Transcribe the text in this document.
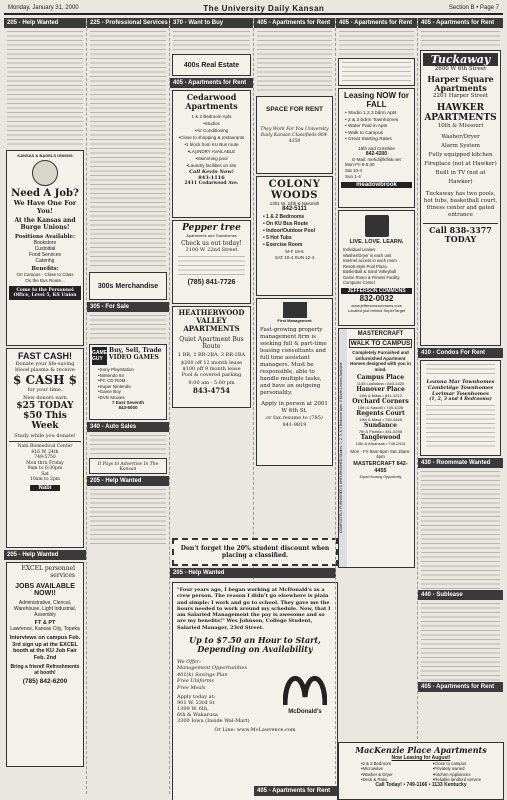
Monday, January 31, 2000	The University Daily Kansan	Section B • Page 7
205 - Help Wanted
KANSAS & BAGELS UNIONS
Need A Job?
We Have One For You!
At the Kansas and Burge Unions!
Positions Available:
Bookstore
Custodial
Food Services
Catering
Benefits:
On Campus - Close to Class
On the Bus Route...
Come to the Personnel Office, Level 5, KS Union
FAST CASH!
Donate your life-saving blood plasma & receive
$ CASH $
for your time.
New donors earn
$25 TODAY
$50 This Week
Study while you donate!
Nabi Biomedical Center
816 W. 24th
749-5750
Mon thru Friday
9am to 6:30pm
Sat
10am to 2pm
Nabi
205 - Help Wanted
EXCEL personnel services
JOBS AVAILABLE NOW!!
Administrative, Clerical, Warehouse, Light Industrial, Assembly
FT & PT
Lawrence, Kansas City, Topeka
Interviews on campus Feb. 3rd sign up at the EXCEL booth at the KU Job Fair Feb. 2nd
Bring a friend! Refreshments at booth!
(785) 842-6200
225 - Professional Services
300s Merchandise
305 - For Sale
GAME GUY
Buy, Sell, Trade VIDEO GAMES
•Sony PlayStation
•Nintendo 64
•PC CD ROM
•Super Nintendo
•Game Boy
•DVD Movies
7 East Seventh
843-6000
340 - Auto Sales
It Pays to Advertise In The Kansan
205 - Help Wanted
370 - Want to Buy
400s Real Estate
405 - Apartments for Rent
Cedarwood Apartments
1 & 2 Bedroom Apts
•Studios
•Air Conditioning
•Close to shopping & restaurants
•1 block from KU Bus route
•LAUNDRY AVAILABLE
•Swimming pool
•Laundry facilities on site
Call Kevin Now!
843-1116
2411 Cedarwood Ave.
Pepper tree
Apartments and Townhomes
Check us out today!
3100 W. 22nd Street
(785) 841-7726
HEATHERWOOD VALLEY APARTMENTS
Quiet Apartment Bus Route
1 BR, 2 BR-2BA, 3 BR-2BA
$200 off 12 month lease
$100 off 9 month lease
Pool & covered parking
9:00 am - 5:00 pm
843-4754
Don't forget the 20% student discount when placing a classified.
205 - Help Wanted
"Four years ago, I began working at McDonald's as a crew person. The reason I didn't go elsewhere is plain and simple: I work and go to school. They gave me the hours needed to work around my schedule. Now, that I am Salaried Management the pay is awesome and so are my benefits!" Wes Johnson, College Student, Salaried Manager, 23rd Street.
Up to $7.50 an Hour to Start, Depending on Availability
We Offer:
Management Opportunities
401(k) Savings Plan
Free Uniforms
Free Meals
Apply today at:
901 W. 23rd St
1309 W. 6th,
6th & Wakarusa
3300 Iowa (Inside Wal-Mart)
McDonald's
Or Line: www.McLawrence.com
405 - Apartments for Rent
SPACE FOR RENT
They Work For You University Daily Kansan Classifieds 864-4358
COLONY WOODS
1301 W. 24th & Naismith
842-5111
• 1 & 2 Bedrooms
• On KU Bus Route
• Indoor/Outdoor Pool
• 5 Hot Tubs
• Exercise Room
M-F 10-6
SAT 10-4 SUN 12-4
First Management
Fast-growing property management firm is seeking full & part-time leasing consultants and full time assistant managers. Must be responsible, able to handle multiple tasks, and have an outgoing personality.
Apply in person at 2001 W 6th St.
or fax resume to (785) 841-9819
405 - Apartments for Rent
405 - Apartments for Rent
Leasing NOW for FALL
• Studio 1,2,3 bdrm Apts
• 2 & 3 bdrm Townhomes
• Water Paid in Apts
• Walk to Campus
• Great Starting Rates
15th and Crestline
842-4200
E-Mail: mehd@kifisk.net
Mon-Fri 8-5:30
Sat 10-4
Sun 1-4
meadowbrook
LIVE. LOVE. LEARN.
Individual Leases
Washer/Dryer in each unit
Internet access in each room
Resort-style Pool Plaza
Basketball & Sand Volleyball
Game Room & Fitness Facility
Computer Center
JEFFERSON COMMONS
832-0032
www.jeffersoncommons.com
Located just behind SuperTarget
COMPLETELY FURNISHED & UNFURNISHED Studios, 1, 2, 3, & 4 Bedroom Apts. 9 Month Leases Available
MASTERCRAFT
WALK TO CAMPUS
Completely Furnished and Unfurnished Apartment Homes designed with you in mind.
Campus Place
1145 Louisiana • 843-1420
Hanover Place
14th & Mass • 841-1212
Orchard Corners
15th & Kasold • 749-4226
Regents Court
19th & Mass • 749-0445
Sundance
7th & Florida • 841-5255
Tanglewood
10th & Arkansas • 749-2415
Mon - Fri 9am-5pm Sat 10am-4pm
MASTERCRAFT 842-4455
Equal Housing Opportunity
405 - Apartments for Rent
Tuckaway
2600 W 6th Street
Harper Square Apartments
2201 Harper Street
HAWKER APARTMENTS
10th & Missouri
Washer/Dryer
Alarm System
Fully equipped kitchen
Fireplace (not at Hawker)
Built in TV (not at Hawker)
Tuckaway has two pools, hot tubs, basketball court, fitness center and gated entrance
Call 838-3377 TODAY
410 - Condos For Rent
Leanna Mar Townhomes Cambridge Townhomes Lorimar Townhomes
(1, 2, 3 and 4 Bedrooms)
430 - Roommate Wanted
440 - Sublease
405 - Apartments for Rent
MacKenzie Place Apartments
Now Leasing for August!
•2 & 3 Bedroom
•Microwave
•Washer & Dryer
•Deck & Patio
•Close to campus
•Privately owned
•Kitchen Appliances
•Reliable landlord service
Call Today! • 749-1166 • 1133 Kentucky
